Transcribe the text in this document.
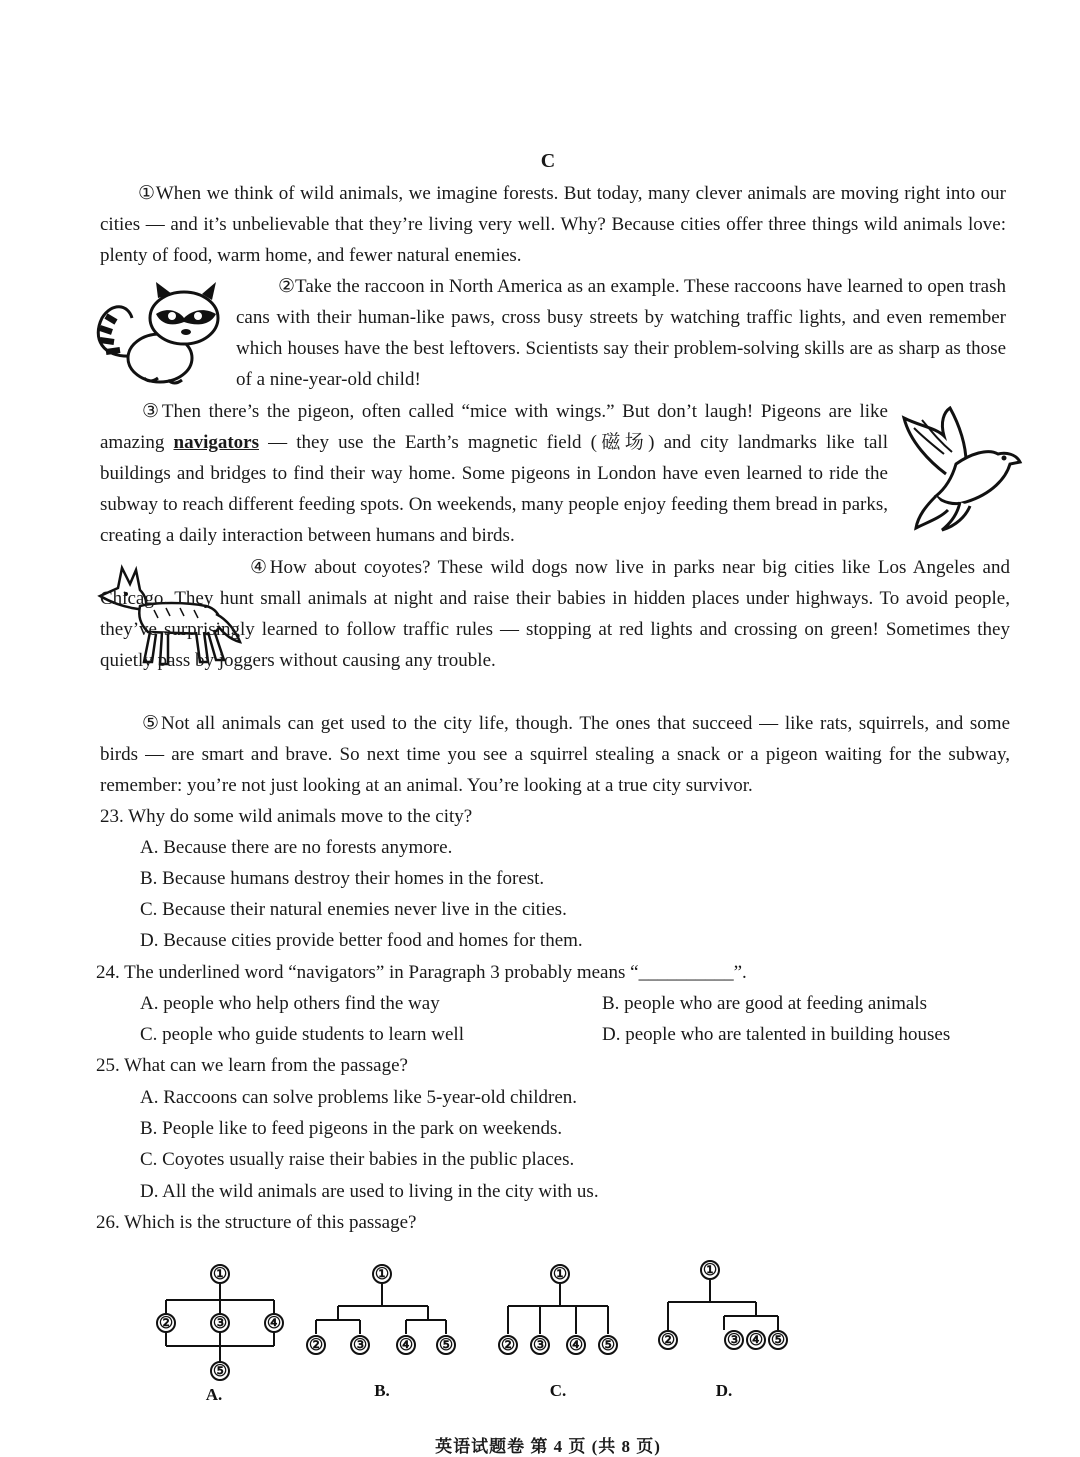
C
①When we think of wild animals, we imagine forests. But today, many clever animals are moving right into our cities — and it’s unbelievable that they’re living very well. Why? Because cities offer three things wild animals love: plenty of food, warm home, and fewer natural enemies.
②Take the raccoon in North America as an example. These raccoons have learned to open trash cans with their human-like paws, cross busy streets by watching traffic lights, and even remember which houses have the best leftovers. Scientists say their problem-solving skills are as sharp as those of a nine-year-old child!
③Then there’s the pigeon, often called “mice with wings.” But don’t laugh! Pigeons are like amazing navigators — they use the Earth’s magnetic field (磁场) and city landmarks like tall buildings and bridges to find their way home. Some pigeons in London have even learned to ride the subway to reach different feeding spots. On weekends, many people enjoy feeding them bread in parks, creating a daily interaction between humans and birds.
④How about coyotes? These wild dogs now live in parks near big cities like Los Angeles and Chicago. They hunt small animals at night and raise their babies in hidden places under highways. To avoid people, they’ve surprisingly learned to follow traffic rules — stopping at red lights and crossing on green! Sometimes they quietly pass by joggers without causing any trouble.
⑤Not all animals can get used to the city life, though. The ones that succeed — like rats, squirrels, and some birds — are smart and brave. So next time you see a squirrel stealing a snack or a pigeon waiting for the subway, remember: you’re not just looking at an animal. You’re looking at a true city survivor.
23. Why do some wild animals move to the city?
A. Because there are no forests anymore.
B. Because humans destroy their homes in the forest.
C. Because their natural enemies never live in the cities.
D. Because cities provide better food and homes for them.
24. The underlined word “navigators” in Paragraph 3 probably means “__________”.
A. people who help others find the way	B. people who are good at feeding animals
C. people who guide students to learn well	D. people who are talented in building houses
25. What can we learn from the passage?
A. Raccoons can solve problems like 5-year-old children.
B. People like to feed pigeons in the park on weekends.
C. Coyotes usually raise their babies in the public places.
D. All the wild animals are used to living in the city with us.
26. Which is the structure of this passage?
①
② ③ ④
⑤
①
② ③ ④ ⑤
①
② ③ ④ ⑤
①
②	③ ④ ⑤
A.	B.	C.	D.
英语试题卷 第 4 页 (共 8 页)
